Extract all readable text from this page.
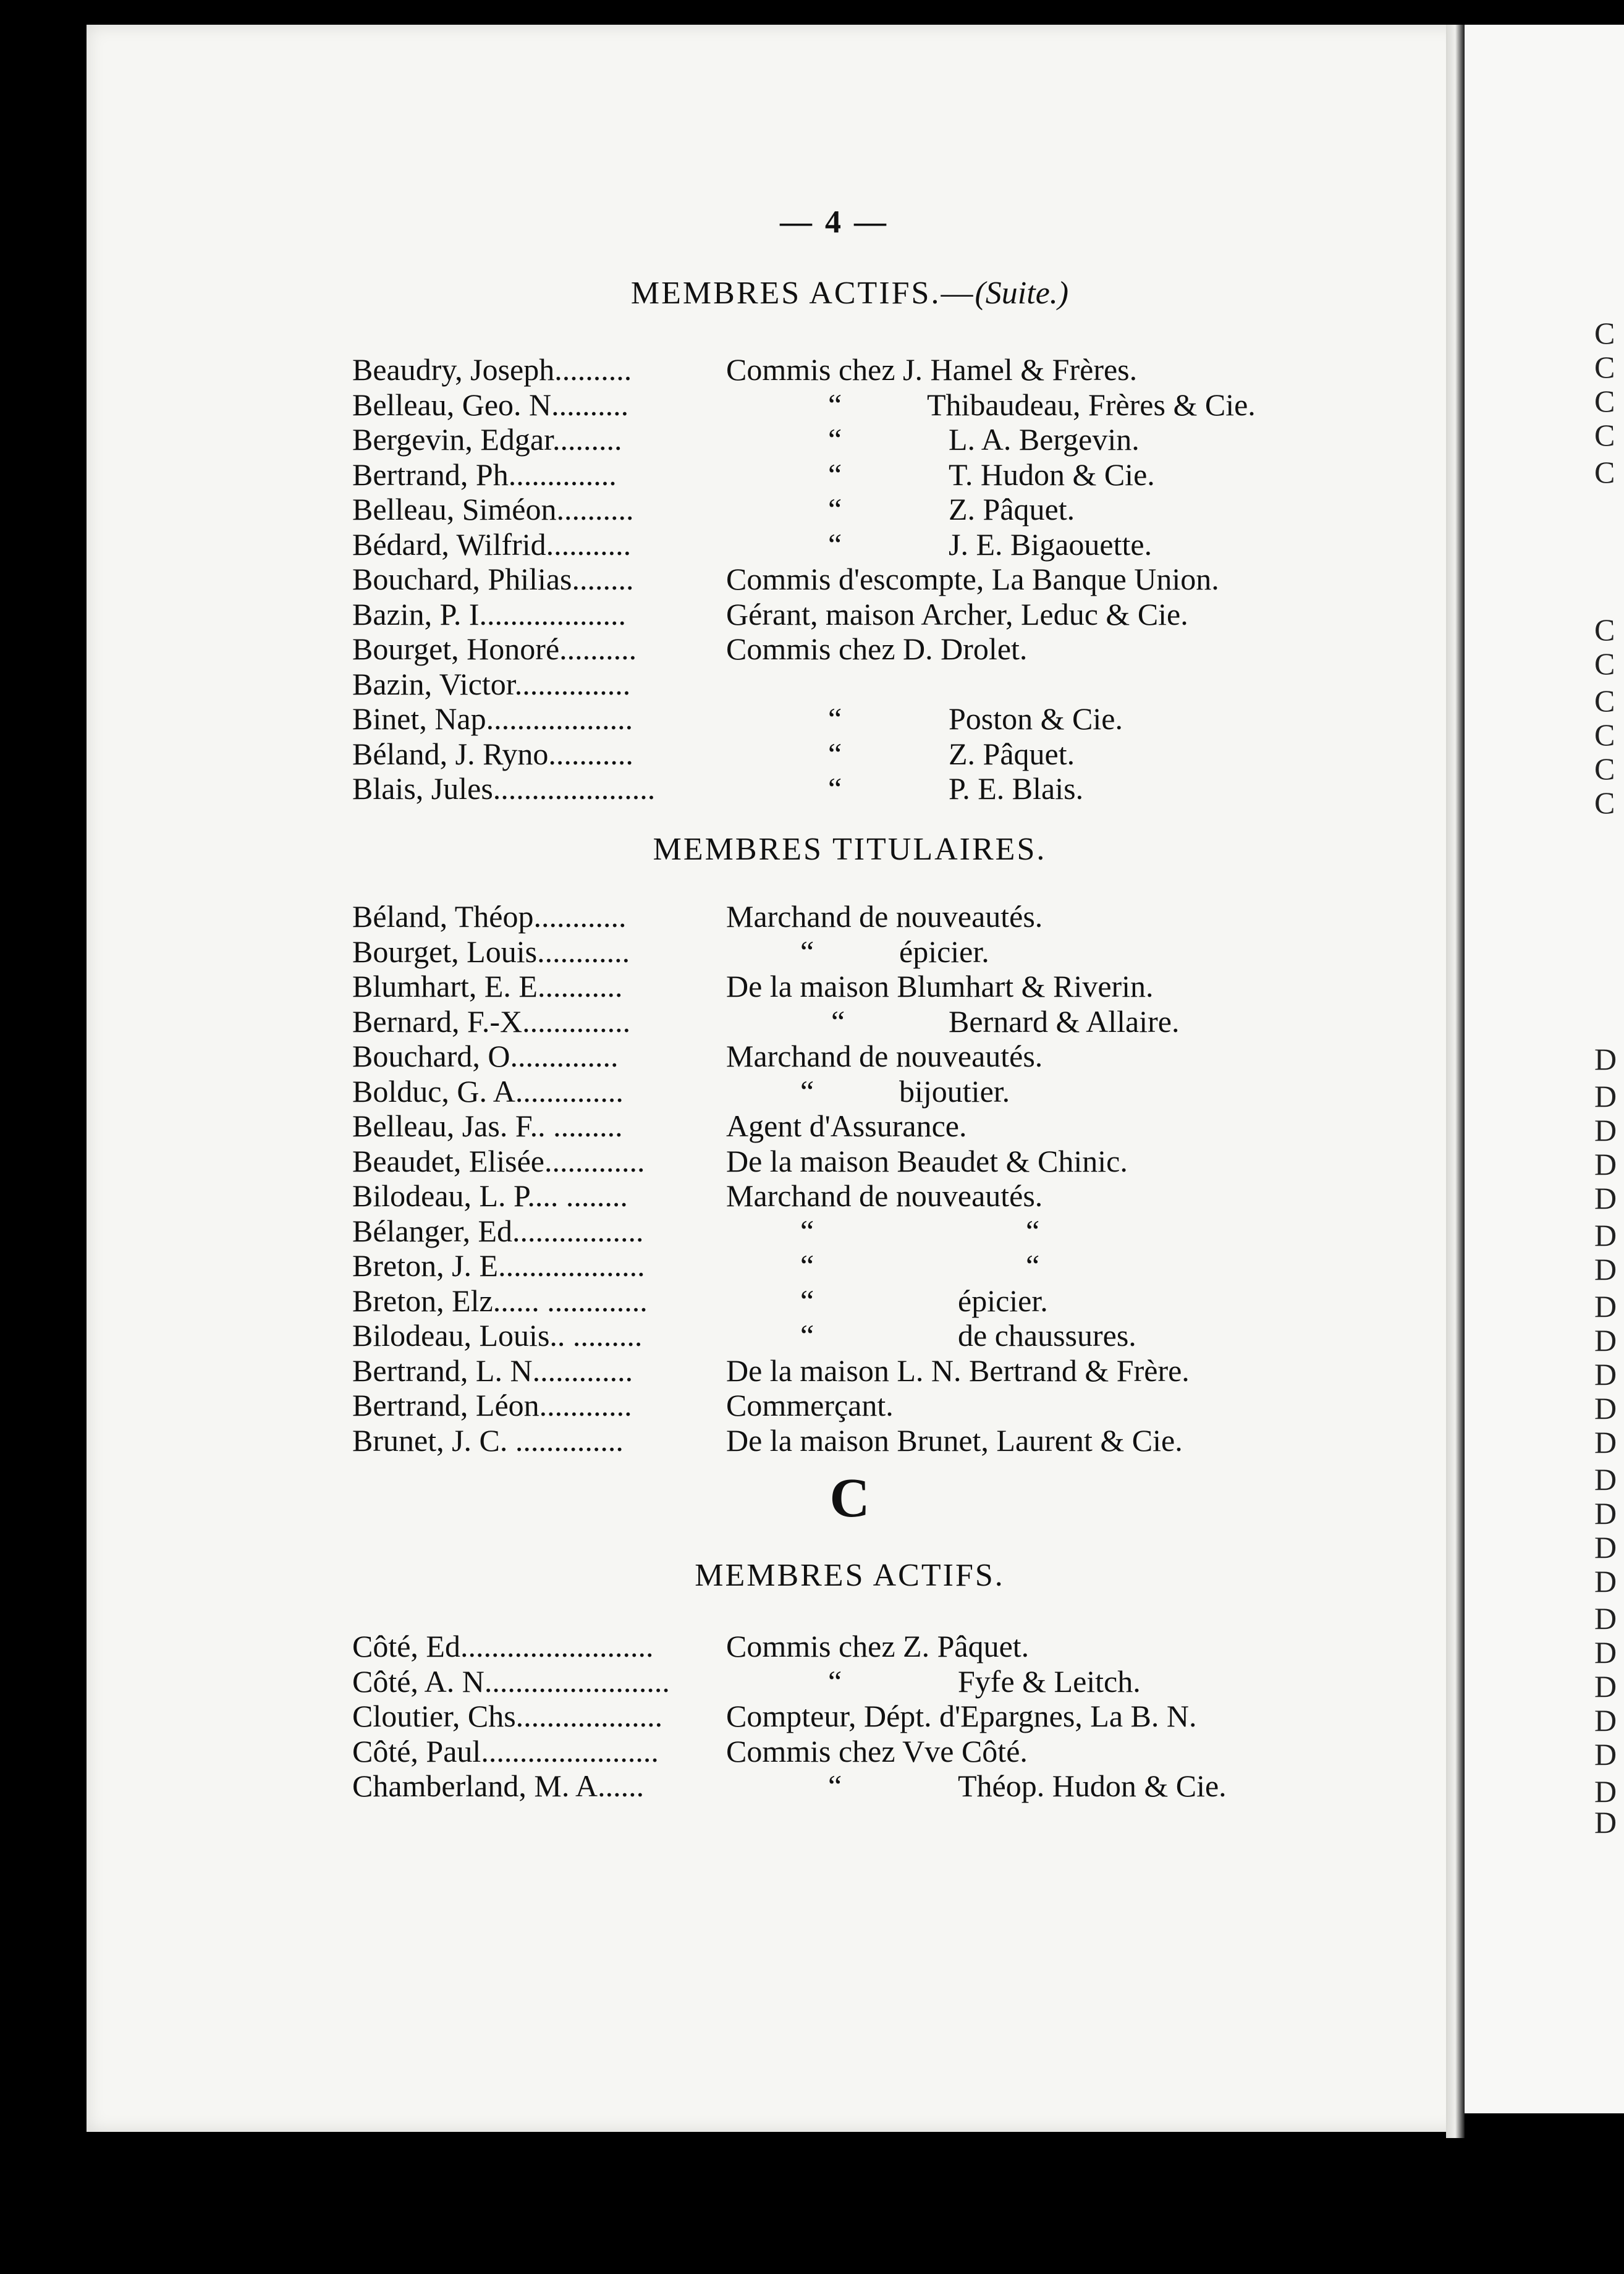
— 4 —
MEMBRES ACTIFS.—(Suite.)
Beaudry, Joseph..........	Commis chez J. Hamel & Frères.
Belleau, Geo. N..........	“	Thibaudeau, Frères & Cie.
Bergevin, Edgar.........	“	L. A. Bergevin.
Bertrand, Ph..............	“	T. Hudon & Cie.
Belleau, Siméon..........	“	Z. Pâquet.
Bédard, Wilfrid...........	“	J. E. Bigaouette.
Bouchard, Philias........	Commis d'escompte, La Banque Union.
Bazin, P. I...................	Gérant, maison Archer, Leduc & Cie.
Bourget, Honoré..........	Commis chez D. Drolet.
Bazin, Victor...............
Binet, Nap...................	“	Poston & Cie.
Béland, J. Ryno...........	“	Z. Pâquet.
Blais, Jules.....................	“	P. E. Blais.
MEMBRES TITULAIRES.
Béland, Théop............	Marchand de nouveautés.
Bourget, Louis............	“	épicier.
Blumhart, E. E...........	De la maison Blumhart & Riverin.
Bernard, F.-X..............	“	Bernard & Allaire.
Bouchard, O..............	Marchand de nouveautés.
Bolduc, G. A..............	“	bijoutier.
Belleau, Jas. F.. .........	Agent d'Assurance.
Beaudet, Elisée.............	De la maison Beaudet & Chinic.
Bilodeau, L. P.... ........	Marchand de nouveautés.
Bélanger, Ed.................	“	“
Breton, J. E...................	“	“
Breton, Elz...... .............	“	épicier.
Bilodeau, Louis.. .........	“	de chaussures.
Bertrand, L. N.............	De la maison L. N. Bertrand & Frère.
Bertrand, Léon............	Commerçant.
Brunet, J. C. ..............	De la maison Brunet, Laurent & Cie.
C
MEMBRES ACTIFS.
Côté, Ed......................... Commis chez Z. Pâquet.
Côté, A. N........................	“	Fyfe & Leitch.
Cloutier, Chs................... Compteur, Dépt. d'Epargnes, La B. N.
Côté, Paul....................... Commis chez Vve Côté.
Chamberland, M. A......	“	Théop. Hudon & Cie.
C
C
C
C
C
C
C
C
C
C
C
D
D
D
D
D
D
D
D
D
D
D
D
D
D
D
D
D
D
D
D
D
D
D
